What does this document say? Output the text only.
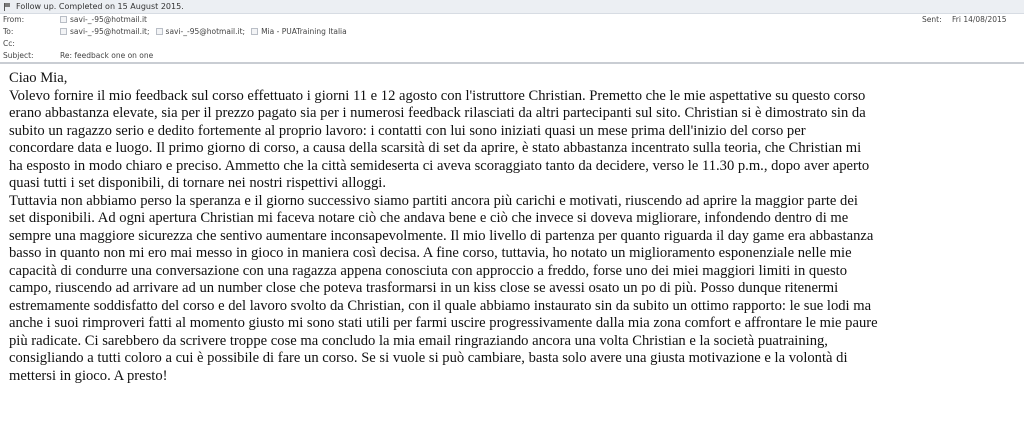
Follow up. Completed on 15 August 2015.
From:	savi-_-95@hotmail.it	Sent:	Fri 14/08/2015
To:	savi-_-95@hotmail.it; savi-_-95@hotmail.it; Mia - PUATraining Italia
Cc:
Subject:	Re: feedback one on one
Ciao Mia,
Volevo fornire il mio feedback sul corso effettuato i giorni 11 e 12 agosto con l'istruttore Christian. Premetto che le mie aspettative su questo corso
erano abbastanza elevate, sia per il prezzo pagato sia per i numerosi feedback rilasciati da altri partecipanti sul sito. Christian si è dimostrato sin da
subito un ragazzo serio e dedito fortemente al proprio lavoro: i contatti con lui sono iniziati quasi un mese prima dell'inizio del corso per
concordare data e luogo. Il primo giorno di corso, a causa della scarsità di set da aprire, è stato abbastanza incentrato sulla teoria, che Christian mi
ha esposto in modo chiaro e preciso. Ammetto che la città semideserta ci aveva scoraggiato tanto da decidere, verso le 11.30 p.m., dopo aver aperto
quasi tutti i set disponibili, di tornare nei nostri rispettivi alloggi.
Tuttavia non abbiamo perso la speranza e il giorno successivo siamo partiti ancora più carichi e motivati, riuscendo ad aprire la maggior parte dei
set disponibili. Ad ogni apertura Christian mi faceva notare ciò che andava bene e ciò che invece si doveva migliorare, infondendo dentro di me
sempre una maggiore sicurezza che sentivo aumentare inconsapevolmente. Il mio livello di partenza per quanto riguarda il day game era abbastanza
basso in quanto non mi ero mai messo in gioco in maniera così decisa. A fine corso, tuttavia, ho notato un miglioramento esponenziale nelle mie
capacità di condurre una conversazione con una ragazza appena conosciuta con approccio a freddo, forse uno dei miei maggiori limiti in questo
campo, riuscendo ad arrivare ad un number close che poteva trasformarsi in un kiss close se avessi osato un po di più. Posso dunque ritenermi
estremamente soddisfatto del corso e del lavoro svolto da Christian, con il quale abbiamo instaurato sin da subito un ottimo rapporto: le sue lodi ma
anche i suoi rimproveri fatti al momento giusto mi sono stati utili per farmi uscire progressivamente dalla mia zona comfort e affrontare le mie paure
più radicate. Ci sarebbero da scrivere troppe cose ma concludo la mia email ringraziando ancora una volta Christian e la società puatraining,
consigliando a tutti coloro a cui è possibile di fare un corso. Se si vuole si può cambiare, basta solo avere una giusta motivazione e la volontà di
mettersi in gioco. A presto!
